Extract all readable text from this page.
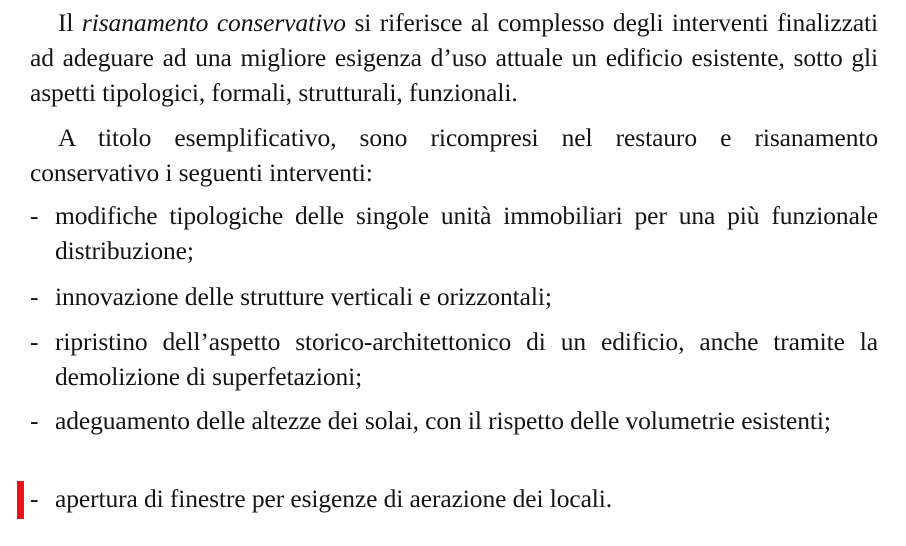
Il risanamento conservativo si riferisce al complesso degli interventi finalizzati ad adeguare ad una migliore esigenza d’uso attuale un edificio esistente, sotto gli aspetti tipologici, formali, strutturali, funzionali.

A titolo esemplificativo, sono ricompresi nel restauro e risanamento conservativo i seguenti interventi:

- modifiche tipologiche delle singole unità immobiliari per una più funzionale distribuzione;
- innovazione delle strutture verticali e orizzontali;
- ripristino dell’aspetto storico-architettonico di un edificio, anche tramite la demolizione di superfetazioni;
- adeguamento delle altezze dei solai, con il rispetto delle volumetrie esistenti;
- apertura di finestre per esigenze di aerazione dei locali.
